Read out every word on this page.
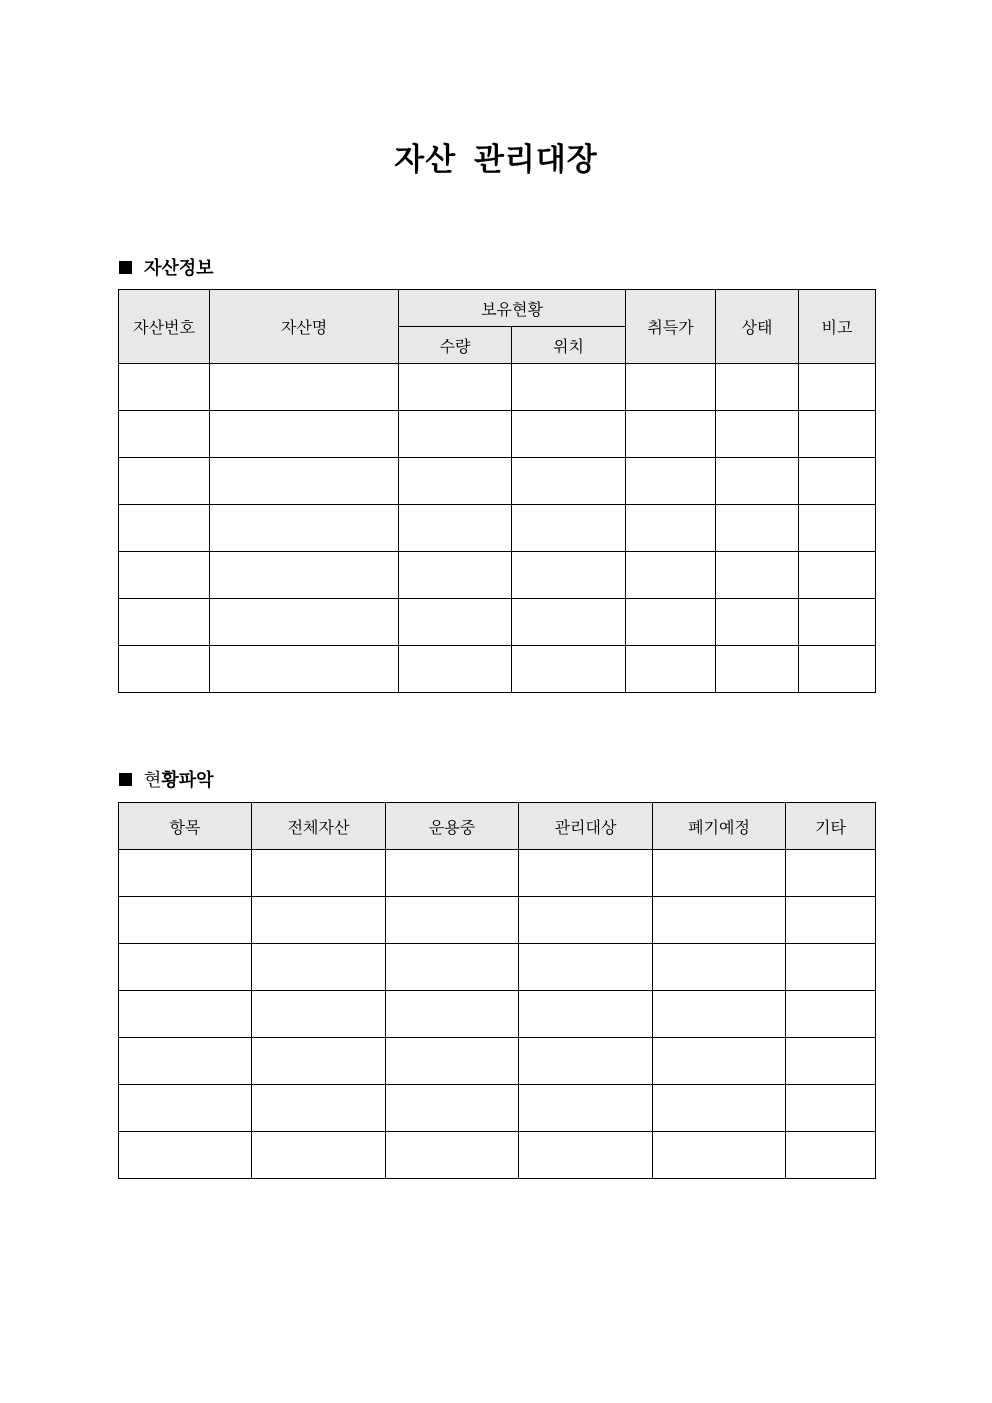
자산 관리대장
자산정보
자산번호	자산명	보유현황		취득가	상태	비고
		수량	위치			

현 황파악
항목	전체자산	운용중	관리대상	폐기예정	기타
